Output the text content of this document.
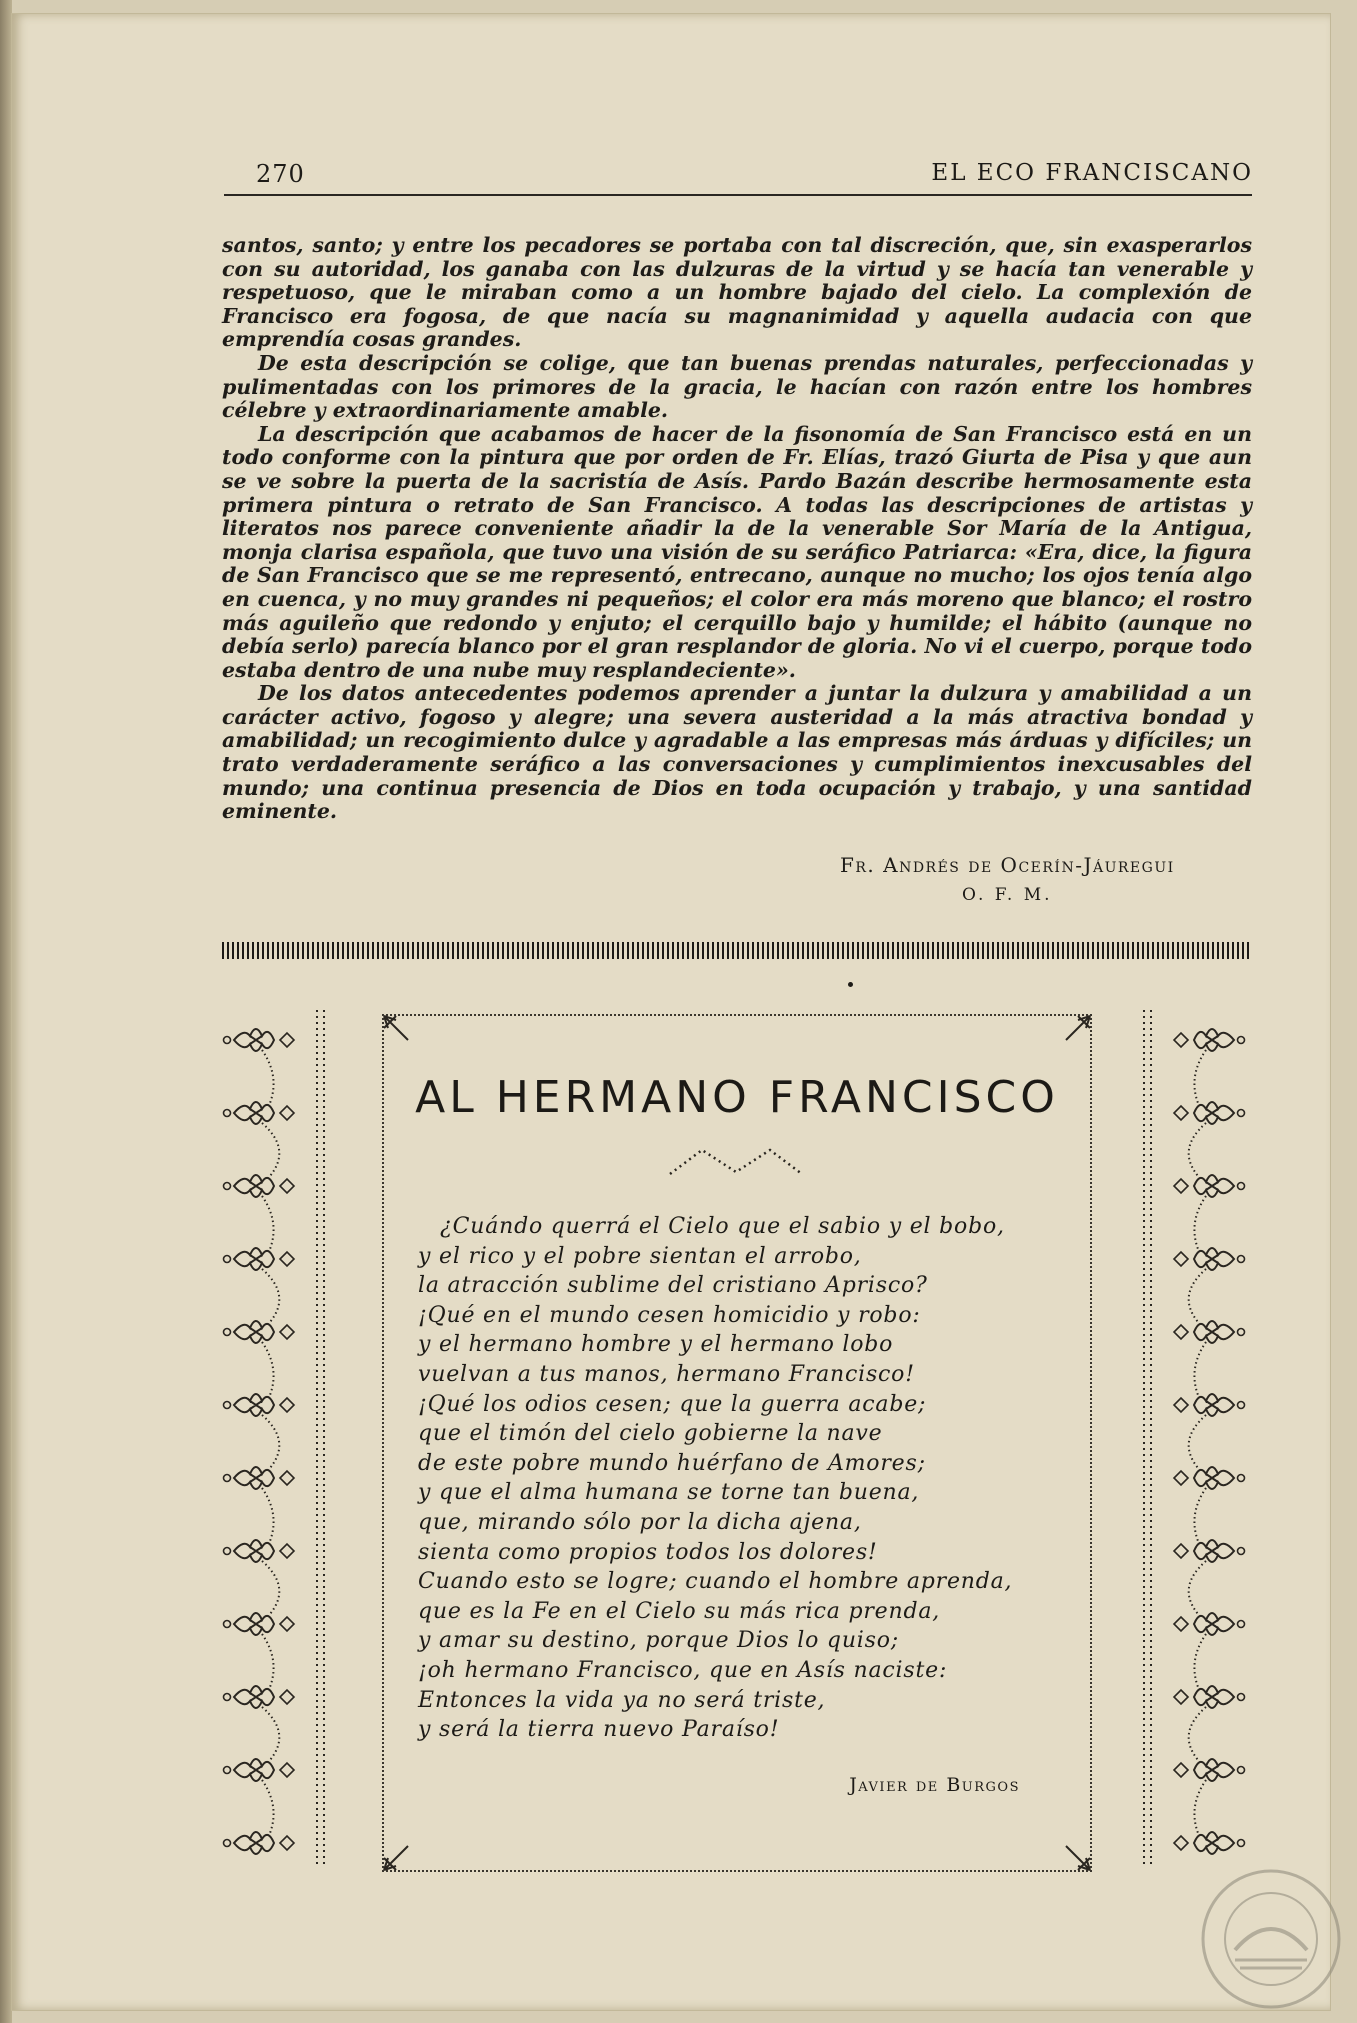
270	EL ECO FRANCISCANO

santos, santo; y entre los pecadores se portaba con tal discreción, que, sin exasperarlos con su autoridad, los ganaba con las dulzuras de la virtud y se hacía tan venerable y respetuoso, que le miraban como a un hombre bajado del cielo. La complexión de Francisco era fogosa, de que nacía su magnanimidad y aquella audacia con que emprendía cosas grandes.

De esta descripción se colige, que tan buenas prendas naturales, perfeccionadas y pulimentadas con los primores de la gracia, le hacían con razón entre los hombres célebre y extraordinariamente amable.

La descripción que acabamos de hacer de la fisonomía de San Francisco está en un todo conforme con la pintura que por orden de Fr. Elías, trazó Giurta de Pisa y que aun se ve sobre la puerta de la sacristía de Asís. Pardo Bazán describe hermosamente esta primera pintura o retrato de San Francisco. A todas las descripciones de artistas y literatos nos parece conveniente añadir la de la venerable Sor María de la Antigua, monja clarisa española, que tuvo una visión de su seráfico Patriarca: «Era, dice, la figura de San Francisco que se me representó, entrecano, aunque no mucho; los ojos tenía algo en cuenca, y no muy grandes ni pequeños; el color era más moreno que blanco; el rostro más aguileño que redondo y enjuto; el cerquillo bajo y humilde; el hábito (aunque no debía serlo) parecía blanco por el gran resplandor de gloria. No vi el cuerpo, porque todo estaba dentro de una nube muy resplandeciente».

De los datos antecedentes podemos aprender a juntar la dulzura y amabilidad a un carácter activo, fogoso y alegre; una severa austeridad a la más atractiva bondad y amabilidad; un recogimiento dulce y agradable a las empresas más árduas y difíciles; un trato verdaderamente seráfico a las conversaciones y cumplimientos inexcusables del mundo; una continua presencia de Dios en toda ocupación y trabajo, y una santidad eminente.

Fr. Andrés de Ocerín-Jáuregui
O. F. M.
AL HERMANO FRANCISCO
¿Cuándo querrá el Cielo que el sabio y el bobo,
y el rico y el pobre sientan el arrobo,
la atracción sublime del cristiano Aprisco?
¡Qué en el mundo cesen homicidio y robo:
y el hermano hombre y el hermano lobo
vuelvan a tus manos, hermano Francisco!
¡Qué los odios cesen; que la guerra acabe;
que el timón del cielo gobierne la nave
de este pobre mundo huérfano de Amores;
y que el alma humana se torne tan buena,
que, mirando sólo por la dicha ajena,
sienta como propios todos los dolores!
Cuando esto se logre; cuando el hombre aprenda,
que es la Fe en el Cielo su más rica prenda,
y amar su destino, porque Dios lo quiso;
¡oh hermano Francisco, que en Asís naciste:
Entonces la vida ya no será triste,
y será la tierra nuevo Paraíso!
Javier de Burgos
